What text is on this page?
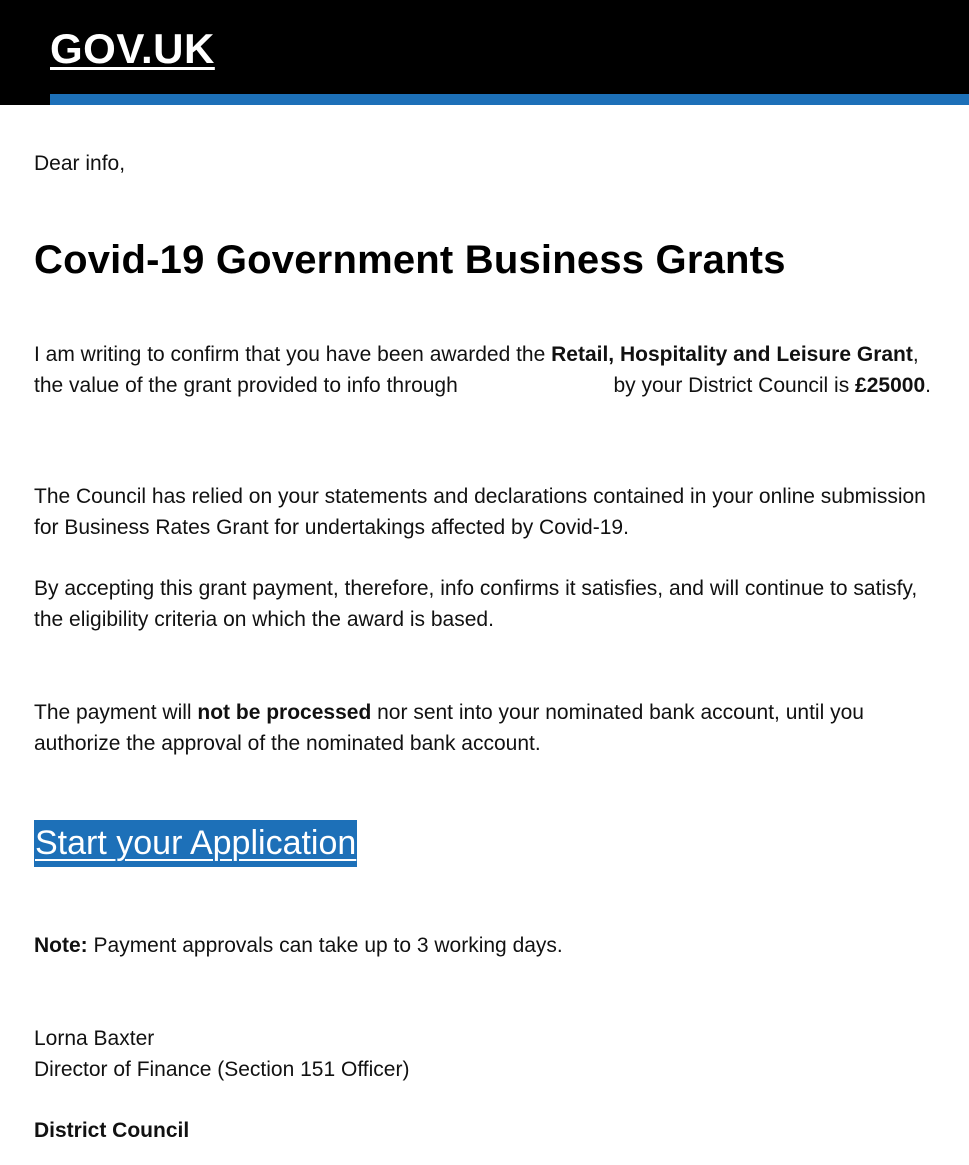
GOV.UK

Dear info,

Covid-19 Government Business Grants

I am writing to confirm that you have been awarded the Retail, Hospitality and Leisure Grant, the value of the grant provided to info through	by your District Council is £25000.

The Council has relied on your statements and declarations contained in your online submission for Business Rates Grant for undertakings affected by Covid-19.

By accepting this grant payment, therefore, info confirms it satisfies, and will continue to satisfy, the eligibility criteria on which the award is based.

The payment will not be processed nor sent into your nominated bank account, until you authorize the approval of the nominated bank account.

Start your Application

Note: Payment approvals can take up to 3 working days.

Lorna Baxter

Director of Finance (Section 151 Officer)

District Council
